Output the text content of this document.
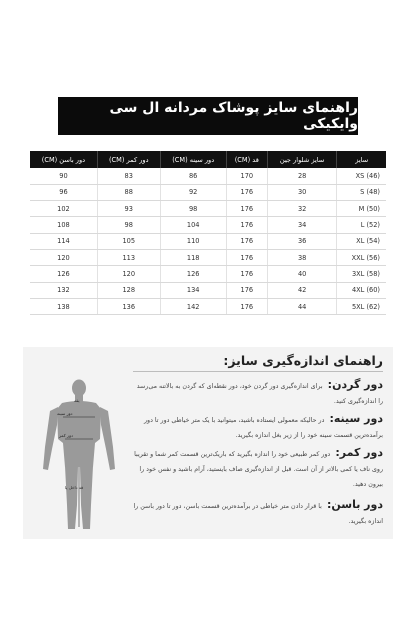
راهنمای سایز پوشاک مردانه ال سی وایکیکی
سایز	سایز شلوار جین	قد (CM)	دور سینه (CM)	دور کمر (CM)	دور باسن (CM)
XS (46)	28	170	86	83	90
S (48)	30	176	92	88	96
M (50)	32	176	98	93	102
L (52)	34	176	104	98	108
XL (54)	36	176	110	105	114
XXL (56)	38	176	118	113	120
3XL (58)	40	176	126	120	126
4XL (60)	42	176	134	128	132
5XL (62)	44	176	142	136	138
راهنمای اندازه‌گیری سایز:
دور گردن: برای اندازه‌گیری دور گردن خود، دور نقطه‌ای که گردن به بالاتنه می‌رسد را اندازه‌گیری کنید.
دور سینه: در حالیکه معمولی ایستاده باشید، میتوانید با یک متر خیاطی دور تا دور برآمده‌ترین قسمت سینه خود را از زیر بغل اندازه بگیرید.
دور کمر: دور کمر طبیعی خود را اندازه بگیرید که باریک‌ترین قسمت کمر شما و تقریبا روی ناف یا کمی بالاتر از آن است. قبل از اندازه‌گیری صاف بایستید، آرام باشید و نفس خود را بیرون دهید.
دور باسن: با قرار دادن متر خیاطی در برآمده‌ترین قسمت باسن، دور تا دور باسن را اندازه بگیرید.
یقه
دور سینه
دور کمر
قد داخل پا
